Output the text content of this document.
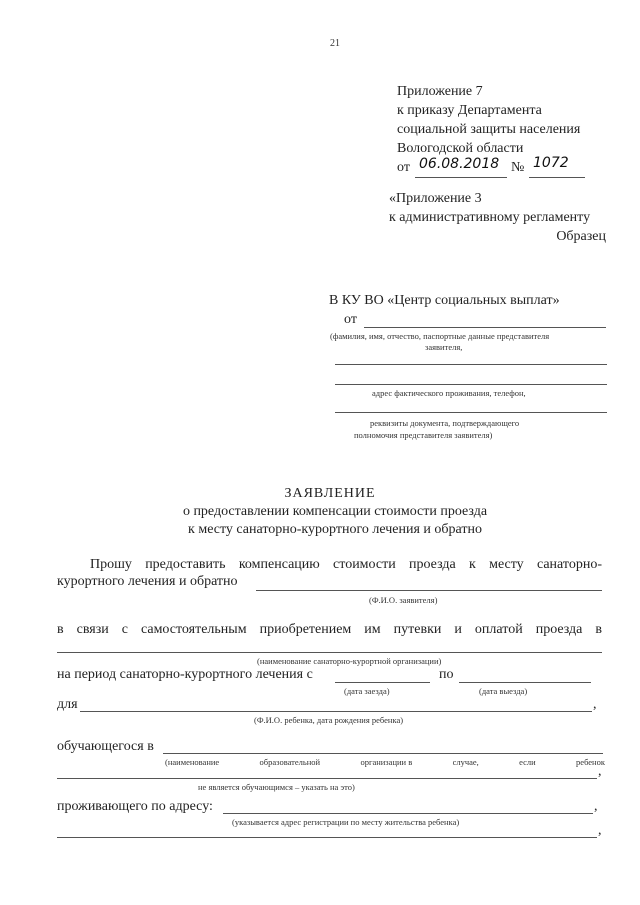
21
Приложение 7
к приказу Департамента
социальной защиты населения
Вологодской области
от 06.08.2018 № 1072
«Приложение 3
к административному регламенту
Образец
В КУ ВО «Центр социальных выплат»
от
(фамилия, имя, отчество, паспортные данные представителя
заявителя,
адрес фактического проживания, телефон,
реквизиты документа, подтверждающего
полномочия представителя заявителя)
ЗАЯВЛЕНИЕ
о предоставлении компенсации стоимости проезда
к месту санаторно-курортного лечения и обратно
Прошу предоставить компенсацию стоимости проезда к месту санаторно-
курортного лечения и обратно
(Ф.И.О. заявителя)
в связи с самостоятельным приобретением им путевки и оплатой проезда в
(наименование санаторно-курортной организации)
на период санаторно-курортного лечения с	по
(дата заезда)	(дата выезда)
для	,
(Ф.И.О. ребенка, дата рождения ребенка)
обучающегося в
(наименование	образовательной	организации в	случае,	если	ребенок
,
не является обучающимся – указать на это)
проживающего по адресу:	,
(указывается адрес регистрации по месту жительства ребенка)
,
